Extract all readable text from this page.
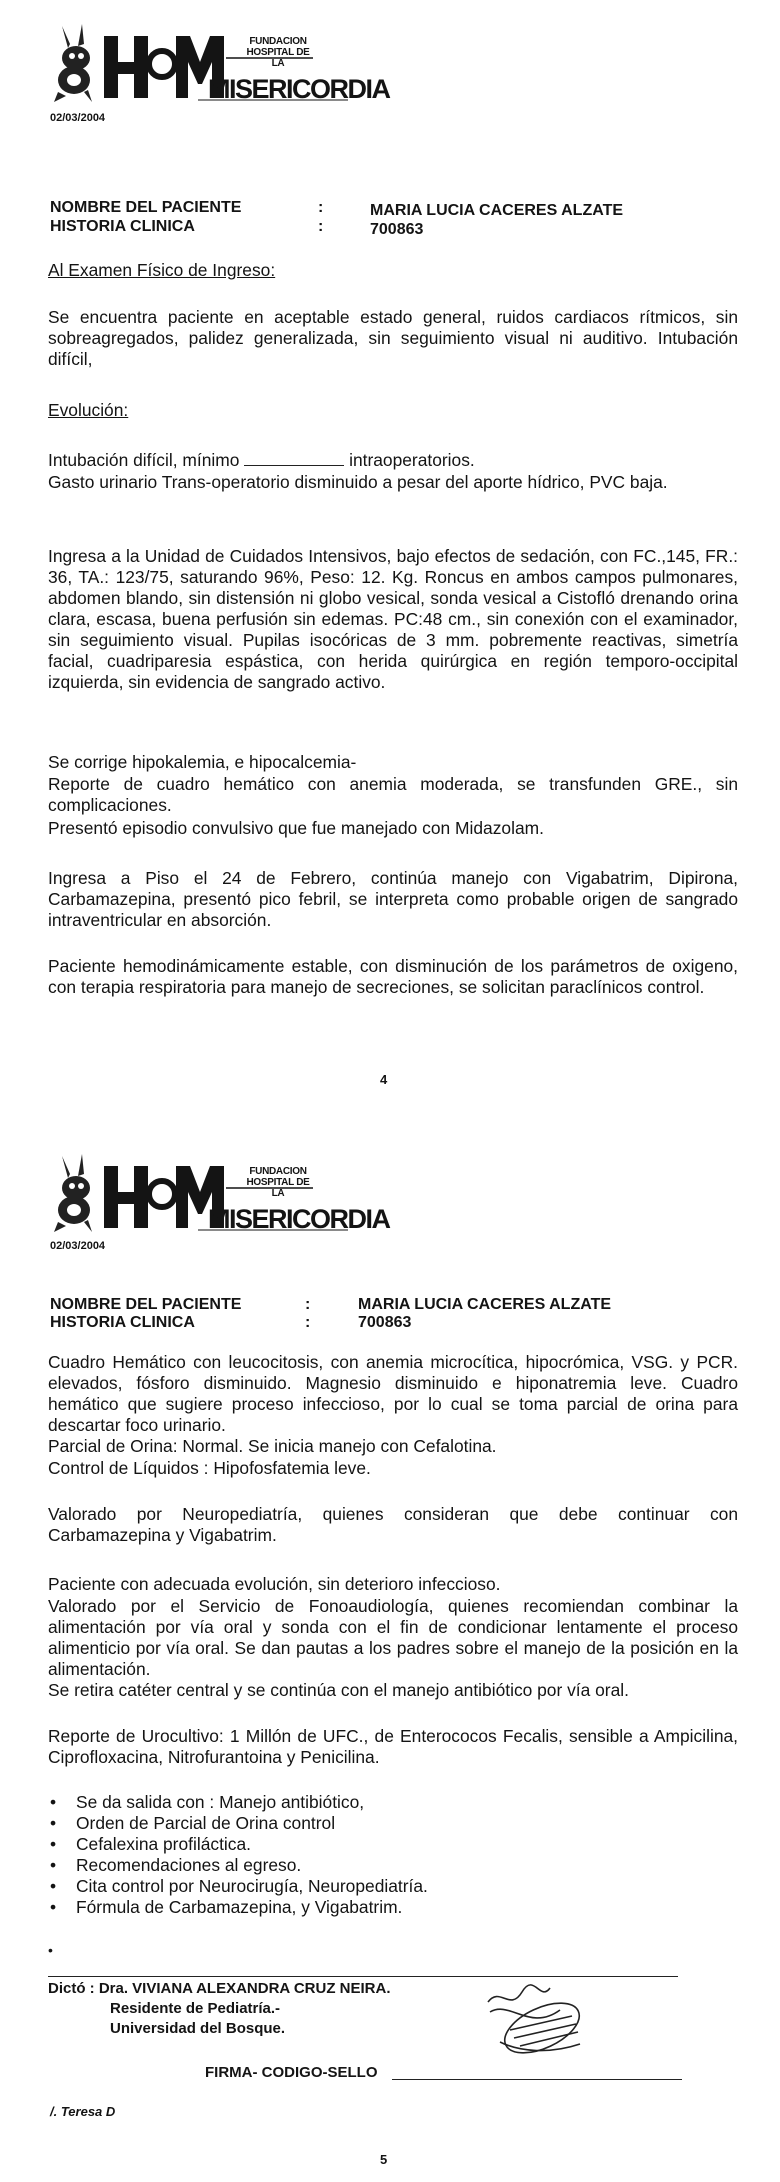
FUNDACION
HOSPITAL DE LA
MISERICORDIA
02/03/2004
NOMBRE DEL PACIENTE
HISTORIA CLINICA
:
:
MARIA LUCIA CACERES ALZATE
700863
Al Examen Físico de Ingreso:
Se encuentra paciente en aceptable estado general, ruidos cardiacos rítmicos, sin sobreagregados, palidez generalizada, sin seguimiento visual ni auditivo. Intubación difícil,
Evolución:
Intubación difícil, mínimo	intraoperatorios.
Gasto urinario Trans-operatorio disminuido a pesar del aporte hídrico, PVC baja.
Ingresa a la Unidad de Cuidados Intensivos, bajo efectos de sedación, con FC.,145, FR.: 36, TA.: 123/75, saturando 96%, Peso: 12. Kg. Roncus en ambos campos pulmonares, abdomen blando, sin distensión ni globo vesical, sonda vesical a Cistofló drenando orina clara, escasa, buena perfusión sin edemas. PC:48 cm., sin conexión con el examinador, sin seguimiento visual. Pupilas isocóricas de 3 mm. pobremente reactivas, simetría facial, cuadriparesia espástica, con herida quirúrgica en región temporo-occipital izquierda, sin evidencia de sangrado activo.
Se corrige hipokalemia, e hipocalcemia-
Reporte de cuadro hemático con anemia moderada, se transfunden GRE., sin complicaciones.
Presentó episodio convulsivo que fue manejado con Midazolam.
Ingresa a Piso el 24 de Febrero, continúa manejo con Vigabatrim, Dipirona, Carbamazepina, presentó pico febril, se interpreta como probable origen de sangrado intraventricular en absorción.
Paciente hemodinámicamente estable, con disminución de los parámetros de oxigeno, con terapia respiratoria para manejo de secreciones, se solicitan paraclínicos control.
4
FUNDACION
HOSPITAL DE LA
MISERICORDIA
02/03/2004
NOMBRE DEL PACIENTE
HISTORIA CLINICA
:
:
MARIA LUCIA CACERES ALZATE
700863
Cuadro Hemático con leucocitosis, con anemia microcítica, hipocrómica, VSG. y PCR. elevados, fósforo disminuido. Magnesio disminuido e hiponatremia leve. Cuadro hemático que sugiere proceso infeccioso, por lo cual se toma parcial de orina para descartar foco urinario.
Parcial de Orina: Normal. Se inicia manejo con Cefalotina.
Control de Líquidos : Hipofosfatemia leve.
Valorado por Neuropediatría, quienes consideran que debe continuar con Carbamazepina y Vigabatrim.
Paciente con adecuada evolución, sin deterioro infeccioso.
Valorado por el Servicio de Fonoaudiología, quienes recomiendan combinar la alimentación por vía oral y sonda con el fin de condicionar lentamente el proceso alimenticio por vía oral. Se dan pautas a los padres sobre el manejo de la posición en la alimentación.
Se retira catéter central y se continúa con el manejo antibiótico por vía oral.
Reporte de Urocultivo: 1 Millón de UFC., de Enterococos Fecalis, sensible a Ampicilina, Ciprofloxacina, Nitrofurantoina y Penicilina.
• Se da salida con : Manejo antibiótico,
• Orden de Parcial de Orina control
• Cefalexina profiláctica.
• Recomendaciones al egreso.
• Cita control por Neurocirugía, Neuropediatría.
• Fórmula de Carbamazepina, y Vigabatrim.
•
Dictó : Dra. VIVIANA ALEXANDRA CRUZ NEIRA.
Residente de Pediatría.-
Universidad del Bosque.
FIRMA- CODIGO-SELLO
/. Teresa D
5
